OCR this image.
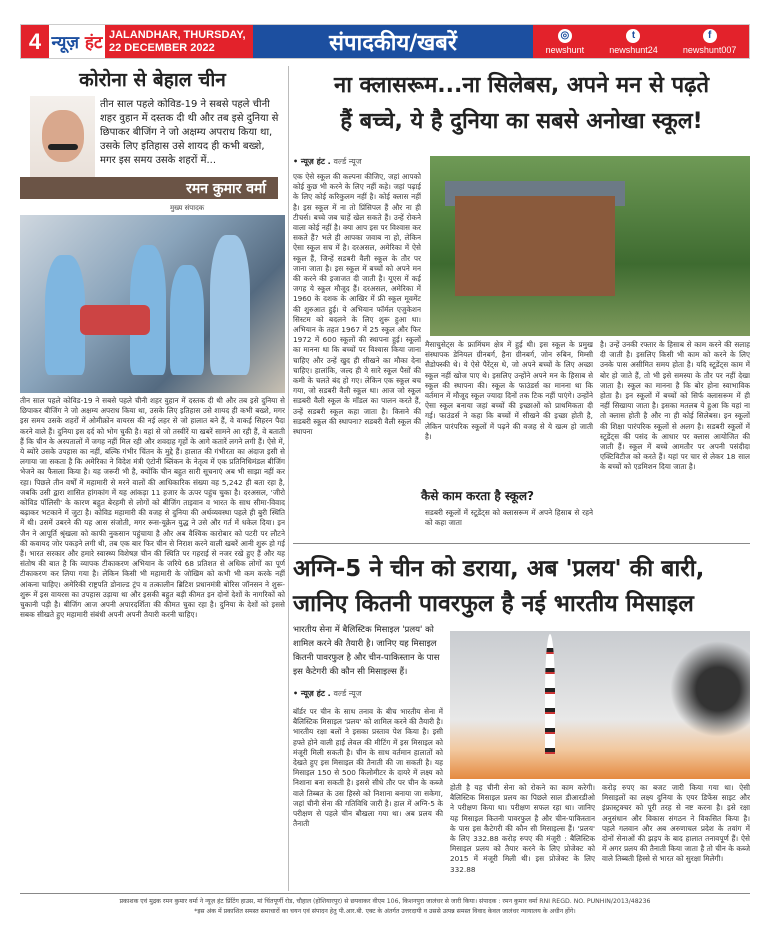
4 न्यूज़
हंट JALANDHAR, THURSDAY,
22 DECEMBER 2022	संपादकीय/खबरें	◎
newshunt
t
newshunt24
f
newshunt007
कोरोना से बेहाल चीन
तीन साल पहले कोविड-19 ने सबसे पहले चीनी शहर वुहान में दस्तक दी थी और तब इसे दुनिया से छिपाकर बीजिंग ने जो अक्षम्य अपराध किया था, उसके लिए इतिहास उसे शायद ही कभी बख्शे, मगर इस समय उसके शहरों में...
रमन कुमार वर्मा
मुख्य संपादक
तीन साल पहले कोविड-19 ने सबसे पहले चीनी शहर वुहान में दस्तक दी थी और तब इसे दुनिया से छिपाकर बीजिंग ने जो अक्षम्य अपराध किया था, उसके लिए इतिहास उसे शायद ही कभी बख्शे, मगर इस समय उसके शहरों में ओमीक्रोन वायरस की नई लहर से जो हालात बने हैं, वे वाकई सिहरन पैदा करने वाले हैं। दुनिया इस दर्द को भोग चुकी है। वहां से जो तस्वीरें या खबरें सामने आ रही हैं, वे बताती हैं कि चीन के अस्पतालों में जगह नहीं मिल रही और शवदाह गृहों के आगे कतारें लगने लगी हैं। ऐसे में, ये ब्योरे उसके उपहास का नहीं, बल्कि गंभीर चिंतन के मुद्दे हैं। हालात की गंभीरता का अंदाज इसी से लगाया जा सकता है कि अमेरिका ने विदेश मंत्री एंटोनी ब्लिंकन के नेतृत्व में एक प्रतिनिधिमंडल बीजिंग भेजने का फैसला किया है। यह जरूरी भी है, क्योंकि चीन बहुत सारी सूचनाएं अब भी साझा नहीं कर रहा। पिछले तीन वर्षों में महामारी से मरने वालों की आधिकारिक संख्या वह 5,242 ही बता रहा है, जबकि उसी द्वारा शासित हांगकांग में यह आंकड़ा 11 हजार के ऊपर पहुंच चुका है। दरअसल, 'जीरो कोविड पॉलिसी' के कारण बहुत बेरहमी से लोगों को बीजिंग ताइवान व भारत के साथ सीमा-विवाद बढ़ाकर भटकाने में जुटा है। कोविड महामारी की वजह से दुनिया की अर्थव्यवस्था पहले ही बुरी स्थिति में थी। उसमें उबरने की यह आस संजोती, मगर रूस-यूक्रेन युद्ध ने उसे और गर्त में धकेल दिया। इन जैन ने आपूर्ति श्रृंखला को काफी नुकसान पहुंचाया है और अब वैश्विक कारोबार को पटरी पर लौटने की कवायद जोर पकड़ने लगी थी, तब एक बार फिर चीन से निराश करने वाली खबरें आनी शुरू हो गई हैं। भारत सरकार और हमारे स्वास्थ्य विशेषज्ञ चीन की स्थिति पर गहराई से नजर रखे हुए हैं और यह संतोष की बात है कि व्यापक टीकाकरण अभियान के जरिये 68 प्रतिशत से अधिक लोगों का पूर्ण टीकाकरण कर लिया गया है। लेकिन किसी भी महामारी के जोखिम को कभी भी कम करके नहीं आंकना चाहिए। अमेरिकी राष्ट्रपति डोनाल्ड ट्रंप व तत्कालीन ब्रिटिश प्रधानमंत्री बोरिस जॉनसन ने शुरू-शुरू में इस वायरस का उपहास उड़ाया था और इसकी बहुत बड़ी कीमत इन दोनों देशों के नागरिकों को चुकानी पड़ी है। बीजिंग आज अपनी अपारदर्शिता की कीमत चुका रहा है। दुनिया के देशों को इससे सबक सीखते हुए महामारी संबंधी अपनी अपनी तैयारी करनी चाहिए।
ना क्लासरूम...ना सिलेबस, अपने मन से पढ़ते
हैं बच्चे, ये है दुनिया का सबसे अनोखा स्कूल!
• न्यूज़ हंट . वर्ल्ड न्यूज
एक ऐसे स्कूल की कल्पना कीजिए, जहां आपको कोई कुछ भी करने के लिए नहीं कहे। जहां पढ़ाई के लिए कोई करिकुलम नहीं है। कोई क्लास नहीं है। इस स्कूल में ना तो प्रिंसिपल हैं और ना ही टीचर्स। बच्चे जब चाहें खेल सकते हैं। उन्हें रोकने वाला कोई नहीं है। क्या आप इस पर विश्वास कर सकते हैं? भले ही आपका जवाब ना हो, लेकिन ऐसा स्कूल सच में है। दरअसल, अमेरिका में ऐसे स्कूल हैं, जिन्हें सडबरी वैली स्कूल के तौर पर जाना जाता है। इस स्कूल में बच्चों को अपने मन की करने की इजाजत दी जाती है। यूएस में कई जगह ये स्कूल मौजूद हैं। दरअसल, अमेरिका में 1960 के दशक के आखिर में फ्री स्कूल मूवमेंट की शुरुआत हुई। ये अभियान फॉर्मल एजुकेशन सिस्टम को बदलने के लिए शुरू हुआ था। अभियान के तहत 1967 में 25 स्कूल और फिर 1972 में 600 स्कूलों की स्थापना हुई। स्कूलों का मानना था कि बच्चों पर विश्वास किया जाना चाहिए और उन्हें खुद ही सीखने का मौका देना चाहिए। हालांकि, जल्द ही ये सारे स्कूल पैसों की कमी के चलते बंद हो गए। लेकिन एक स्कूल बच गया, जो सडबरी वैली स्कूल था। आज जो स्कूल सडबरी वैली स्कूल के मॉडल का पालन करते हैं, उन्हें सडबरी स्कूल कहा जाता है। किसने की सडबरी स्कूल की स्थापना? सडबरी वैली स्कूल की स्थापना
मैसाचुसेट्स के फ्रामिंघम क्षेत्र में हुई थी। इस स्कूल के प्रमुख संस्थापक डेनियल ग्रीनबर्ग, हैना ग्रीनबर्ग, जोन रुबिन, मिम्सी सैडोफ्स्की थे। ये ऐसे पैरेंट्स थे, जो अपने बच्चों के लिए अच्छा स्कूल नहीं खोज पाए थे। इसलिए उन्होंने अपने मन के हिसाब से स्कूल की स्थापना की। स्कूल के फाउंडर्स का मानना था कि वर्तमान में मौजूद स्कूल ज्यादा दिनों तक टिक नहीं पाएंगे। उन्होंने ऐसा स्कूल बनाया जहां बच्चों की इच्छाओं को प्राथमिकता दी गई। फाउंडर्स ने कहा कि बच्चों में सीखने की इच्छा होती है, लेकिन पारंपरिक स्कूलों में पढ़ने की वजह से ये खत्म हो जाती है।
कैसे काम करता है स्कूल?
सडबरी स्कूलों में स्टूडेंट्स को क्लासरूम में अपने हिसाब से रहने को कहा जाता
है। उन्हें उनकी रफ्तार के हिसाब से काम करने की सलाह दी जाती है। इसलिए किसी भी काम को करने के लिए उनके पास असीमित समय होता है। यदि स्टूडेंट्स काम में बोर हो जाते हैं, तो भी इसे समस्या के तौर पर नहीं देखा जाता है। स्कूल का मानना है कि बोर होना स्वाभाविक होता है। इन स्कूलों में बच्चों को सिर्फ क्लासरूम में ही नहीं सिखाया जाता है। इसका मतलब ये हुआ कि यहां ना तो क्लास होती है और ना ही कोई सिलेबस। इन स्कूलों की शिक्षा पारंपरिक स्कूलों से अलग है। सडबरी स्कूलों में स्टूडेंट्स की पसंद के आधार पर क्लास आयोजित की जाती हैं। स्कूल में बच्चे आमतौर पर अपनी पसंदीदा एक्टिविटीज को करते हैं। यहां पर चार से लेकर 18 साल के बच्चों को एडमिशन दिया जाता है।
अग्नि-5 ने चीन को डराया, अब 'प्रलय' की बारी,
जानिए कितनी पावरफुल है नई भारतीय मिसाइल
भारतीय सेना में बैलिस्टिक मिसाइल 'प्रलय' को शामिल करने की तैयारी है। जानिए यह मिसाइल कितनी पावरफुल है और चीन-पाकिस्तान के पास इस कैटेगरी की कौन सी मिसाइल्स हैं।
• न्यूज़ हंट . वर्ल्ड न्यूज
बॉर्डर पर चीन के साथ तनाव के बीच भारतीय सेना में बैलिस्टिक मिसाइल 'प्रलय' को शामिल करने की तैयारी है। भारतीय रक्षा बलों ने इसका प्रस्ताव पेश किया है। इसी हफ्ते होने वाली हाई लेवल की मीटिंग में इस मिसाइल को मंजूरी मिली सकती है। चीन के साथ वर्तमान हालातों को देखते हुए इस मिसाइल की तैनाती की जा सकती है। यह मिसाइल 150 से 500 किलोमीटर के दायरे में लक्ष्य को निशाना बना सकती है। इससे सीधे तौर पर चीन के कब्जे वाले तिब्बत के उस हिस्से को निशाना बनाया जा सकेगा, जहां चीनी सेना की गतिविधि जारी है। हाल में अग्नि-5 के परीक्षण से पहले चीन बौखला गया था। अब प्रलय की तैनाती
होती है यह चीनी सेना को रोकने का काम करेगी। बैलिस्टिक मिसाइल प्रलय का पिछले साल डीआरडीओ ने परीक्षण किया था। परीक्षण सफल रहा था। जानिए यह मिसाइल कितनी पावरफुल है और चीन-पाकिस्तान के पास इस कैटेगरी की कौन सी मिसाइल्स हैं। 'प्रलय' के लिए 332.88 करोड़ रुपए की मंजूरी : बैलिस्टिक मिसाइल प्रलय को तैयार करने के लिए प्रोजेक्ट को 2015 में मंजूरी मिली थी। इस प्रोजेक्ट के लिए 332.88
करोड़ रुपए का बजट जारी किया गया था। ऐसी मिसाइलों का लक्ष्य दुनिया के एयर डिफेंस साइट और इंफ्रास्ट्रक्चर को पूरी तरह से नष्ट करना है। इसे रक्षा अनुसंधान और विकास संगठन ने विकसित किया है। पहले गलवान और अब अरुणाचल प्रदेश के तवांग में दोनों सेनाओं की झड़प के बाद हालात तनावपूर्ण हैं। ऐसे में अगर प्रलय की तैनाती किया जाता है तो चीन के कब्जे वाले तिब्बती हिस्से से भारत को सुरक्षा मिलेगी।
प्रकाशक एवं मुद्रक रमन कुमार वर्मा ने न्यूज़ हंट प्रिंटिंग हाउस, मां चिंतपूर्णी रोड, चौहाल (होशियारपुर) से छपवाकर वीएम 106, किशनपुरा जालंधर से जारी किया। संपादक : रमन कुमार वर्मा RNI REGD. NO. PUNHIN/2013/48236
*इस अंक में प्रकाशित समस्त समाचारों का चयन एवं संपादन हेतु पी.आर.बी. एक्ट के अंतर्गत उत्तरदायी व उससे उत्पन्न समस्त विवाद केवल जालंधर न्यायालय के अधीन होंगे।
